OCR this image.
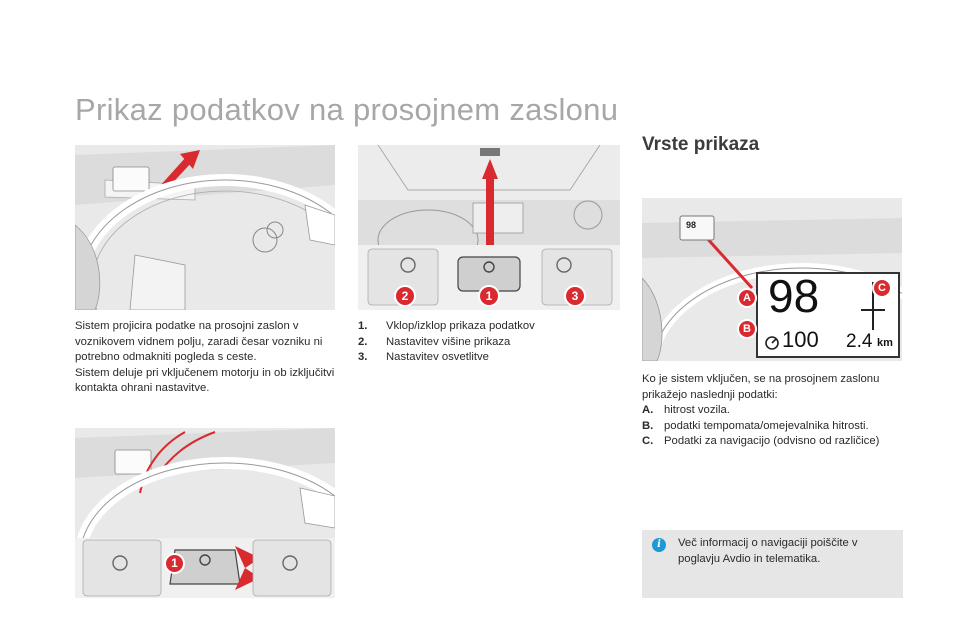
Prikaz podatkov na prosojnem zaslonu

Sistem projicira podatke na prosojni zaslon v voznikovem vidnem polju, zaradi česar vozniku ni potrebno odmakniti pogleda s ceste.

Sistem deluje pri vključenem motorju in ob izključitvi kontakta ohrani nastavitve.

1
2	1	3
1.	Vklop/izklop prikaza podatkov
2.	Nastavitev višine prikaza
3.	Nastavitev osvetlitve
Vrste prikaza
98
98
100 2.4 km
A
B
C

Ko je sistem vključen, se na prosojnem zaslonu prikažejo naslednji podatki:

A. hitrost vozila.
B. podatki tempomata/omejevalnika hitrosti.
C. Podatki za navigacijo (odvisno od različice)
i	Več informacij o navigaciji poiščite v poglavju Avdio in telematika.
